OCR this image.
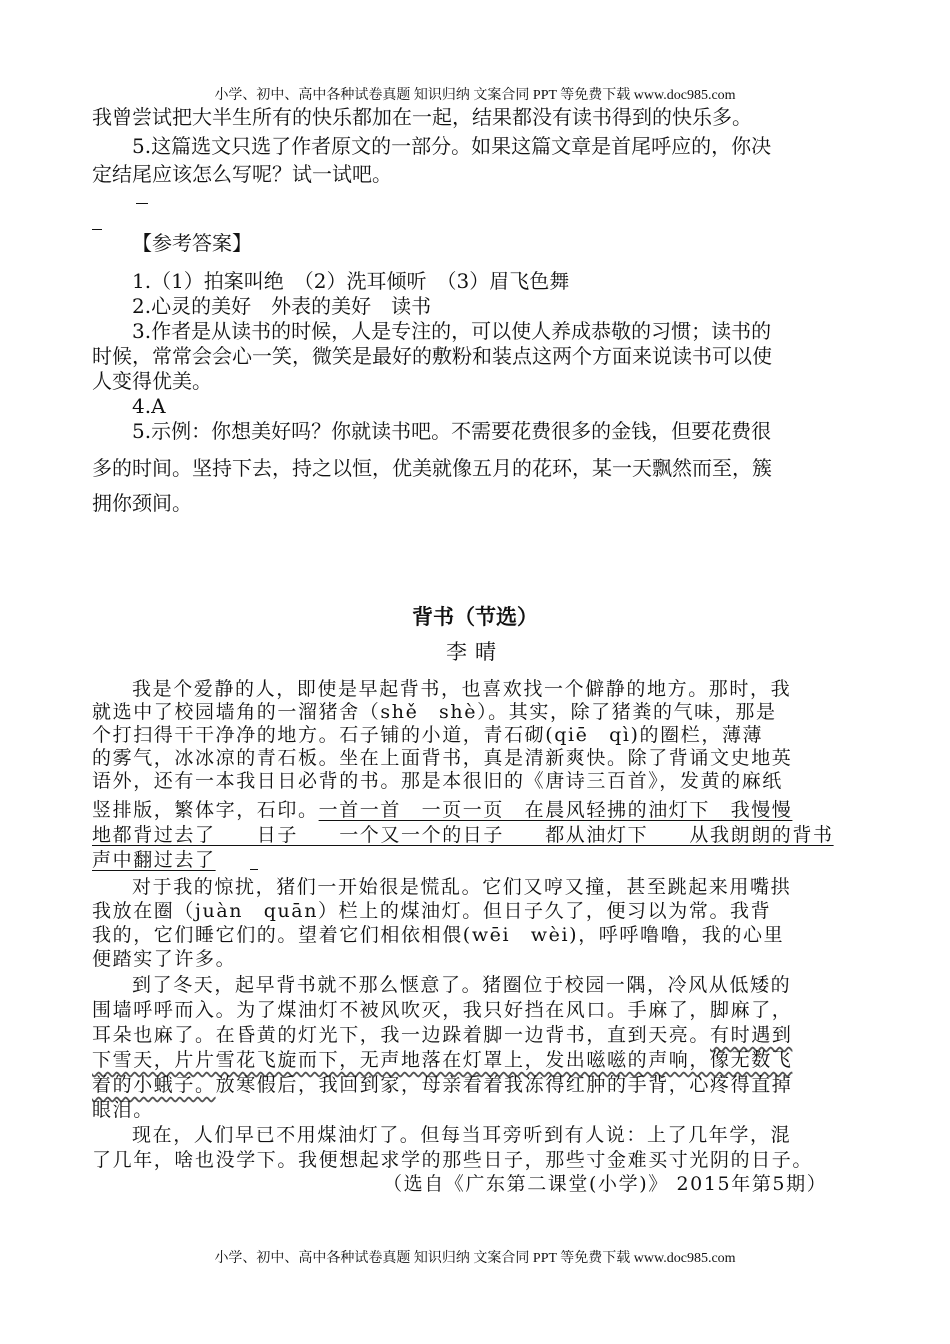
小学、初中、高中各种试卷真题 知识归纳 文案合同 PPT 等免费下载 www.doc985.com
我曾尝试把大半生所有的快乐都加在一起，结果都没有读书得到的快乐多。
5.这篇选文只选了作者原文的一部分。如果这篇文章是首尾呼应的，你决
定结尾应该怎么写呢？试一试吧。
【参考答案】
1.（1）拍案叫绝　（2）洗耳倾听　（3）眉飞色舞
2.心灵的美好　外表的美好　读书
3.作者是从读书的时候，人是专注的，可以使人养成恭敬的习惯；读书的
时候，常常会会心一笑，微笑是最好的敷粉和装点这两个方面来说读书可以使
人变得优美。
4.A
5.示例：你想美好吗？你就读书吧。不需要花费很多的金钱，但要花费很
多的时间。坚持下去，持之以恒，优美就像五月的花环，某一天飘然而至，簇
拥你颈间。
背书（节选）
李晴
我是个爱静的人，即使是早起背书，也喜欢找一个僻静的地方。那时，我
就选中了校园墙角的一溜猪舍（shě　shè）。其实，除了猪粪的气味，那是
个打扫得干干净净的地方。石子铺的小道，青石砌(qiē　qì)的圈栏，薄薄
的雾气，冰冰凉的青石板。坐在上面背书，真是清新爽快。除了背诵文史地英
语外，还有一本我日日必背的书。那是本很旧的《唐诗三百首》，发黄的麻纸
竖排版，繁体字，石印。一首一首　一页一页　在晨风轻拂的油灯下　我慢慢
地都背过去了　　日子　　一个又一个的日子　　都从油灯下　　从我朗朗的背书
声中翻过去了
对于我的惊扰，猪们一开始很是慌乱。它们又哼又撞，甚至跳起来用嘴拱
我放在圈（juàn　quān）栏上的煤油灯。但日子久了，便习以为常。我背
我的，它们睡它们的。望着它们相依相偎(wēi　wèi)，呼呼噜噜，我的心里
便踏实了许多。
到了冬天，起早背书就不那么惬意了。猪圈位于校园一隅，冷风从低矮的
围墙呼呼而入。为了煤油灯不被风吹灭，我只好挡在风口。手麻了，脚麻了，
耳朵也麻了。在昏黄的灯光下，我一边跺着脚一边背书，直到天亮。有时遇到
下雪天，片片雪花飞旋而下，无声地落在灯罩上，发出嗞嗞的声响，像无数飞
着的小蛾子。放寒假后，我回到家，母亲看着我冻得红肿的手背，心疼得直掉
眼泪。
现在，人们早已不用煤油灯了。但每当耳旁听到有人说：上了几年学，混
了几年，啥也没学下。我便想起求学的那些日子，那些寸金难买寸光阴的日子。
（选自《广东第二课堂(小学)》 2015年第5期）
小学、初中、高中各种试卷真题 知识归纳 文案合同 PPT 等免费下载 www.doc985.com
